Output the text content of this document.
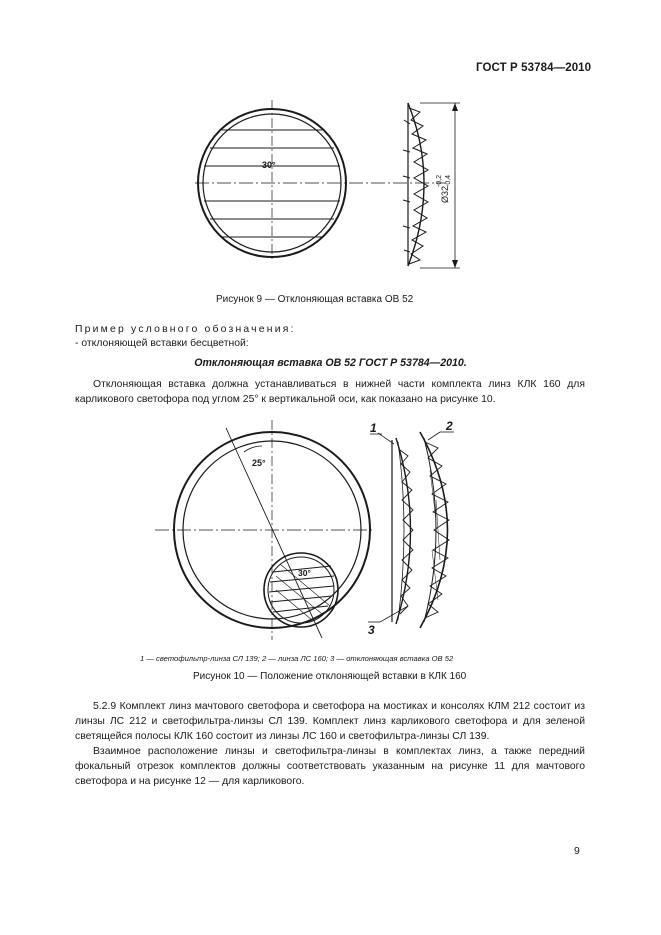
ГОСТ Р 53784—2010
30°
Ø32
-0,2 -0,4
Рисунок 9 — Отклоняющая вставка ОВ 52
Пример условного обозначения:
- отклоняющей вставки бесцветной:
Отклоняющая вставка ОВ 52 ГОСТ Р 53784—2010.
Отклоняющая вставка должна устанавливаться в нижней части комплекта линз КЛК 160 для карликового светофора под углом 25° к вертикальной оси, как показано на рисунке 10.
25°
30°
1	2
3
1 — светофильтр-линза СЛ 139; 2 — линза ЛС 160; 3 — отклоняющая вставка ОВ 52
Рисунок 10 — Положение отклоняющей вставки в КЛК 160
5.2.9 Комплект линз мачтового светофора и светофора на мостиках и консолях КЛМ 212 состоит из линзы ЛС 212 и светофильтра-линзы СЛ 139. Комплект линз карликового светофора и для зеленой светящейся полосы КЛК 160 состоит из линзы ЛС 160 и светофильтра-линзы СЛ 139.
Взаимное расположение линзы и светофильтра-линзы в комплектах линз, а также передний фокальный отрезок комплектов должны соответствовать указанным на рисунке 11 для мачтового светофора и на рисунке 12 — для карликового.
9
